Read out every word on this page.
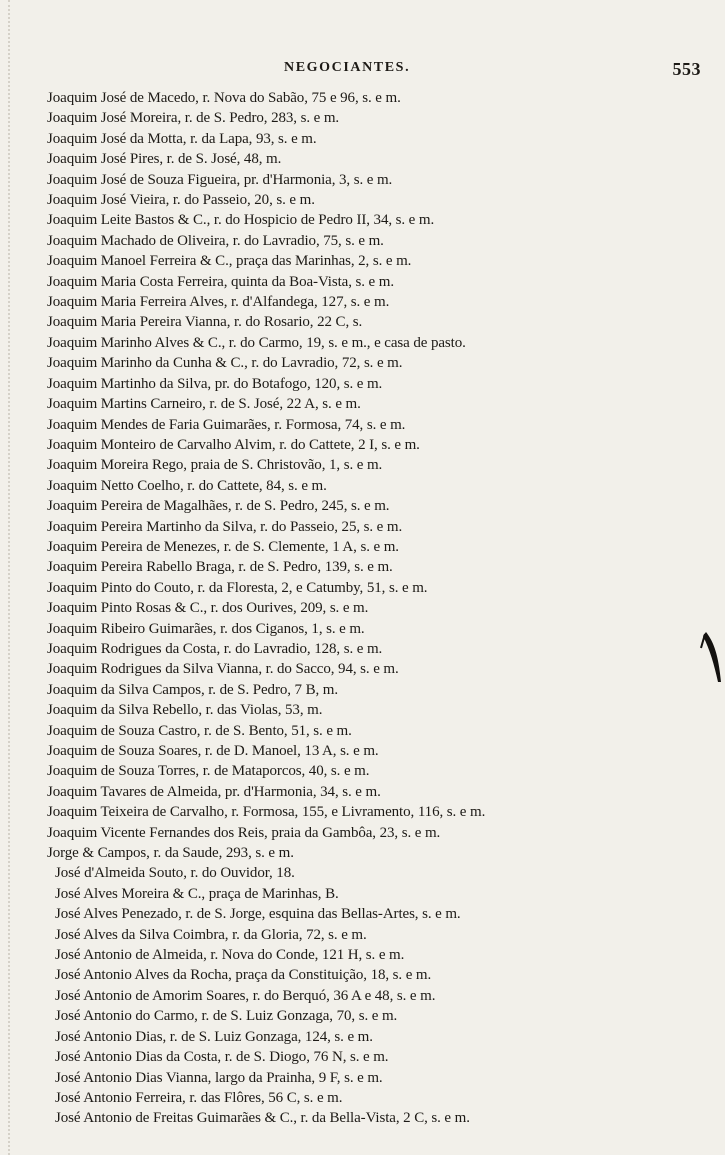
NEGOCIANTES.	553
Joaquim José de Macedo, r. Nova do Sabão, 75 e 96, s. e m.
Joaquim José Moreira, r. de S. Pedro, 283, s. e m.
Joaquim José da Motta, r. da Lapa, 93, s. e m.
Joaquim José Pires, r. de S. José, 48, m.
Joaquim José de Souza Figueira, pr. d'Harmonia, 3, s. e m.
Joaquim José Vieira, r. do Passeio, 20, s. e m.
Joaquim Leite Bastos & C., r. do Hospicio de Pedro II, 34, s. e m.
Joaquim Machado de Oliveira, r. do Lavradio, 75, s. e m.
Joaquim Manoel Ferreira & C., praça das Marinhas, 2, s. e m.
Joaquim Maria Costa Ferreira, quinta da Boa-Vista, s. e m.
Joaquim Maria Ferreira Alves, r. d'Alfandega, 127, s. e m.
Joaquim Maria Pereira Vianna, r. do Rosario, 22 C, s.
Joaquim Marinho Alves & C., r. do Carmo, 19, s. e m., e casa de pasto.
Joaquim Marinho da Cunha & C., r. do Lavradio, 72, s. e m.
Joaquim Martinho da Silva, pr. do Botafogo, 120, s. e m.
Joaquim Martins Carneiro, r. de S. José, 22 A, s. e m.
Joaquim Mendes de Faria Guimarães, r. Formosa, 74, s. e m.
Joaquim Monteiro de Carvalho Alvim, r. do Cattete, 2 I, s. e m.
Joaquim Moreira Rego, praia de S. Christovão, 1, s. e m.
Joaquim Netto Coelho, r. do Cattete, 84, s. e m.
Joaquim Pereira de Magalhães, r. de S. Pedro, 245, s. e m.
Joaquim Pereira Martinho da Silva, r. do Passeio, 25, s. e m.
Joaquim Pereira de Menezes, r. de S. Clemente, 1 A, s. e m.
Joaquim Pereira Rabello Braga, r. de S. Pedro, 139, s. e m.
Joaquim Pinto do Couto, r. da Floresta, 2, e Catumby, 51, s. e m.
Joaquim Pinto Rosas & C., r. dos Ourives, 209, s. e m.
Joaquim Ribeiro Guimarães, r. dos Ciganos, 1, s. e m.
Joaquim Rodrigues da Costa, r. do Lavradio, 128, s. e m.
Joaquim Rodrigues da Silva Vianna, r. do Sacco, 94, s. e m.
Joaquim da Silva Campos, r. de S. Pedro, 7 B, m.
Joaquim da Silva Rebello, r. das Violas, 53, m.
Joaquim de Souza Castro, r. de S. Bento, 51, s. e m.
Joaquim de Souza Soares, r. de D. Manoel, 13 A, s. e m.
Joaquim de Souza Torres, r. de Mataporcos, 40, s. e m.
Joaquim Tavares de Almeida, pr. d'Harmonia, 34, s. e m.
Joaquim Teixeira de Carvalho, r. Formosa, 155, e Livramento, 116, s. e m.
Joaquim Vicente Fernandes dos Reis, praia da Gambôa, 23, s. e m.
Jorge & Campos, r. da Saude, 293, s. e m.
José d'Almeida Souto, r. do Ouvidor, 18.
José Alves Moreira & C., praça de Marinhas, B.
José Alves Penezado, r. de S. Jorge, esquina das Bellas-Artes, s. e m.
José Alves da Silva Coimbra, r. da Gloria, 72, s. e m.
José Antonio de Almeida, r. Nova do Conde, 121 H, s. e m.
José Antonio Alves da Rocha, praça da Constituição, 18, s. e m.
José Antonio de Amorim Soares, r. do Berquó, 36 A e 48, s. e m.
José Antonio do Carmo, r. de S. Luiz Gonzaga, 70, s. e m.
José Antonio Dias, r. de S. Luiz Gonzaga, 124, s. e m.
José Antonio Dias da Costa, r. de S. Diogo, 76 N, s. e m.
José Antonio Dias Vianna, largo da Prainha, 9 F, s. e m.
José Antonio Ferreira, r. das Flôres, 56 C, s. e m.
José Antonio de Freitas Guimarães & C., r. da Bella-Vista, 2 C, s. e m.
